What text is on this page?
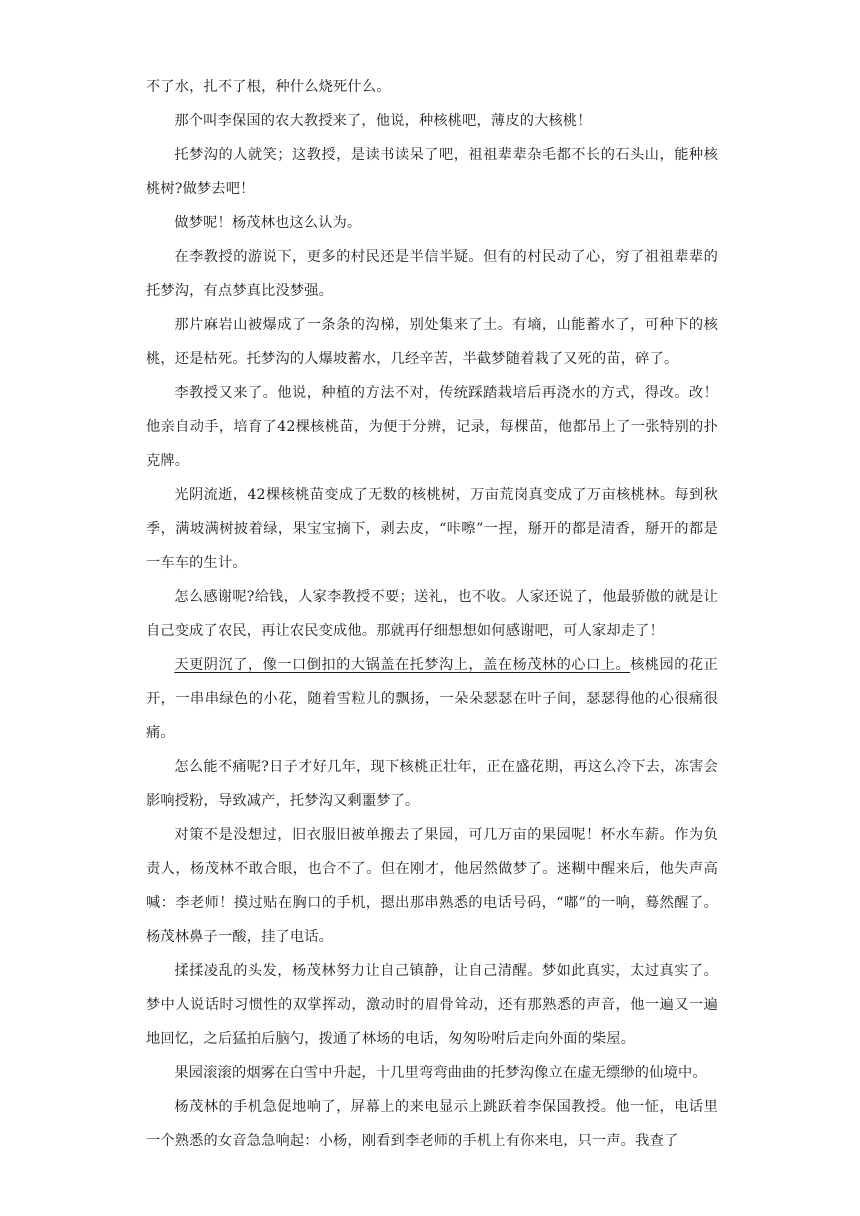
不了水，扎不了根，种什么烧死什么。

那个叫李保国的农大教授来了，他说，种核桃吧，薄皮的大核桃！

托梦沟的人就笑；这教授，是读书读呆了吧，祖祖辈辈杂毛都不长的石头山，能种核桃树?做梦去吧！

做梦呢！杨茂林也这么认为。

在李教授的游说下，更多的村民还是半信半疑。但有的村民动了心，穷了祖祖辈辈的托梦沟，有点梦真比没梦强。

那片麻岩山被爆成了一条条的沟梯，别处集来了土。有墒，山能蓄水了，可种下的核桃，还是枯死。托梦沟的人爆坡蓄水，几经辛苦，半截梦随着栽了又死的苗，碎了。

李教授又来了。他说，种植的方法不对，传统踩踏栽培后再浇水的方式，得改。改！他亲自动手，培育了42棵核桃苗，为便于分辨，记录，每棵苗，他都吊上了一张特别的扑克牌。

光阴流逝，42棵核桃苗变成了无数的核桃树，万亩荒岗真变成了万亩核桃林。每到秋季，满坡满树披着绿，果宝宝摘下，剥去皮，“咔嚓”一捏，掰开的都是清香，掰开的都是一车车的生计。

怎么感谢呢?给钱，人家李教授不要；送礼，也不收。人家还说了，他最骄傲的就是让自己变成了农民，再让农民变成他。那就再仔细想想如何感谢吧，可人家却走了！

天更阴沉了，像一口倒扣的大锅盖在托梦沟上，盖在杨茂林的心口上。核桃园的花正开，一串串绿色的小花，随着雪粒儿的飘扬，一朵朵瑟瑟在叶子间，瑟瑟得他的心很痛很痛。

怎么能不痛呢?日子才好几年，现下核桃正壮年，正在盛花期，再这么冷下去，冻害会影响授粉，导致减产，托梦沟又剩噩梦了。

对策不是没想过，旧衣服旧被单搬去了果园，可几万亩的果园呢！杯水车薪。作为负责人，杨茂林不敢合眼，也合不了。但在刚才，他居然做梦了。迷糊中醒来后，他失声高喊：李老师！摸过贴在胸口的手机，摁出那串熟悉的电话号码，“嘟”的一响，蓦然醒了。杨茂林鼻子一酸，挂了电话。

揉揉凌乱的头发，杨茂林努力让自己镇静，让自己清醒。梦如此真实，太过真实了。梦中人说话时习惯性的双掌挥动，激动时的眉骨耸动，还有那熟悉的声音，他一遍又一遍地回忆，之后猛拍后脑勺，拨通了林场的电话，匆匆吩咐后走向外面的柴屋。

果园滚滚的烟雾在白雪中升起，十几里弯弯曲曲的托梦沟像立在虚无缥缈的仙境中。

杨茂林的手机急促地响了，屏幕上的来电显示上跳跃着李保国教授。他一怔，电话里一个熟悉的女音急急响起：小杨，刚看到李老师的手机上有你来电，只一声。我查了
